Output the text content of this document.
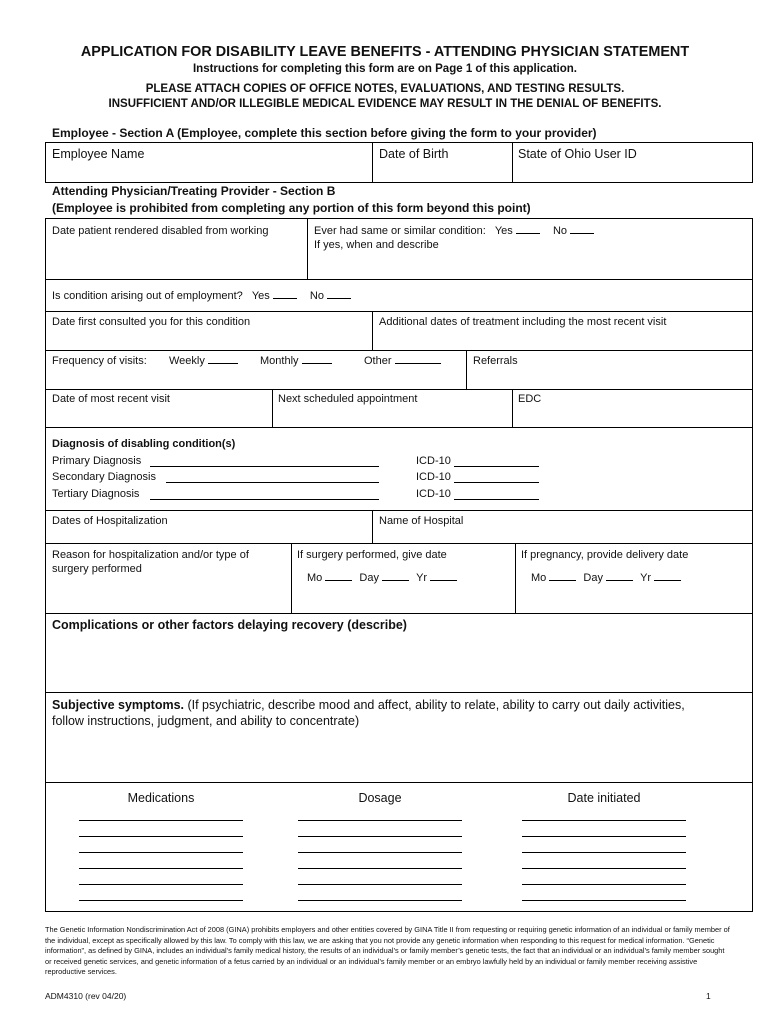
APPLICATION FOR DISABILITY LEAVE BENEFITS - ATTENDING PHYSICIAN STATEMENT
Instructions for completing this form are on Page 1 of this application.
PLEASE ATTACH COPIES OF OFFICE NOTES, EVALUATIONS, AND TESTING RESULTS.
INSUFFICIENT AND/OR ILLEGIBLE MEDICAL EVIDENCE MAY RESULT IN THE DENIAL OF BENEFITS.
Employee - Section A (Employee, complete this section before giving the form to your provider)
Employee Name	Date of Birth	State of Ohio User ID
Attending Physician/Treating Provider - Section B
(Employee is prohibited from completing any portion of this form beyond this point)
Date patient rendered disabled from working	Ever had same or similar condition: Yes	No
If yes, when and describe
Is condition arising out of employment? Yes	No
Date first consulted you for this condition	Additional dates of treatment including the most recent visit
Frequency of visits: Weekly	Monthly	Other	Referrals
Date of most recent visit	Next scheduled appointment	EDC
Diagnosis of disabling condition(s)
Primary Diagnosis	ICD-10
Secondary Diagnosis	ICD-10
Tertiary Diagnosis	ICD-10
Dates of Hospitalization	Name of Hospital
Reason for hospitalization and/or type of
surgery performed
If surgery performed, give date
Mo	Day	Yr
If pregnancy, provide delivery date
Mo	Day	Yr
Complications or other factors delaying recovery (describe)
Subjective symptoms. (If psychiatric, describe mood and affect, ability to relate, ability to carry out daily activities, follow instructions, judgment, and ability to concentrate)
Medications	Dosage	Date initiated
The Genetic Information Nondiscrimination Act of 2008 (GINA) prohibits employers and other entities covered by GINA Title II from requesting or requiring genetic information of an individual or family member of the individual, except as specifically allowed by this law. To comply with this law, we are asking that you not provide any genetic information when responding to this request for medical information. “Genetic information”, as defined by GINA, includes an individual’s family medical history, the results of an individual’s or family member’s genetic tests, the fact that an individual or an individual’s family member sought or received genetic services, and genetic information of a fetus carried by an individual or an individual’s family member or an embryo lawfully held by an individual or family member receiving assistive reproductive services.
ADM4310 (rev 04/20)	1
